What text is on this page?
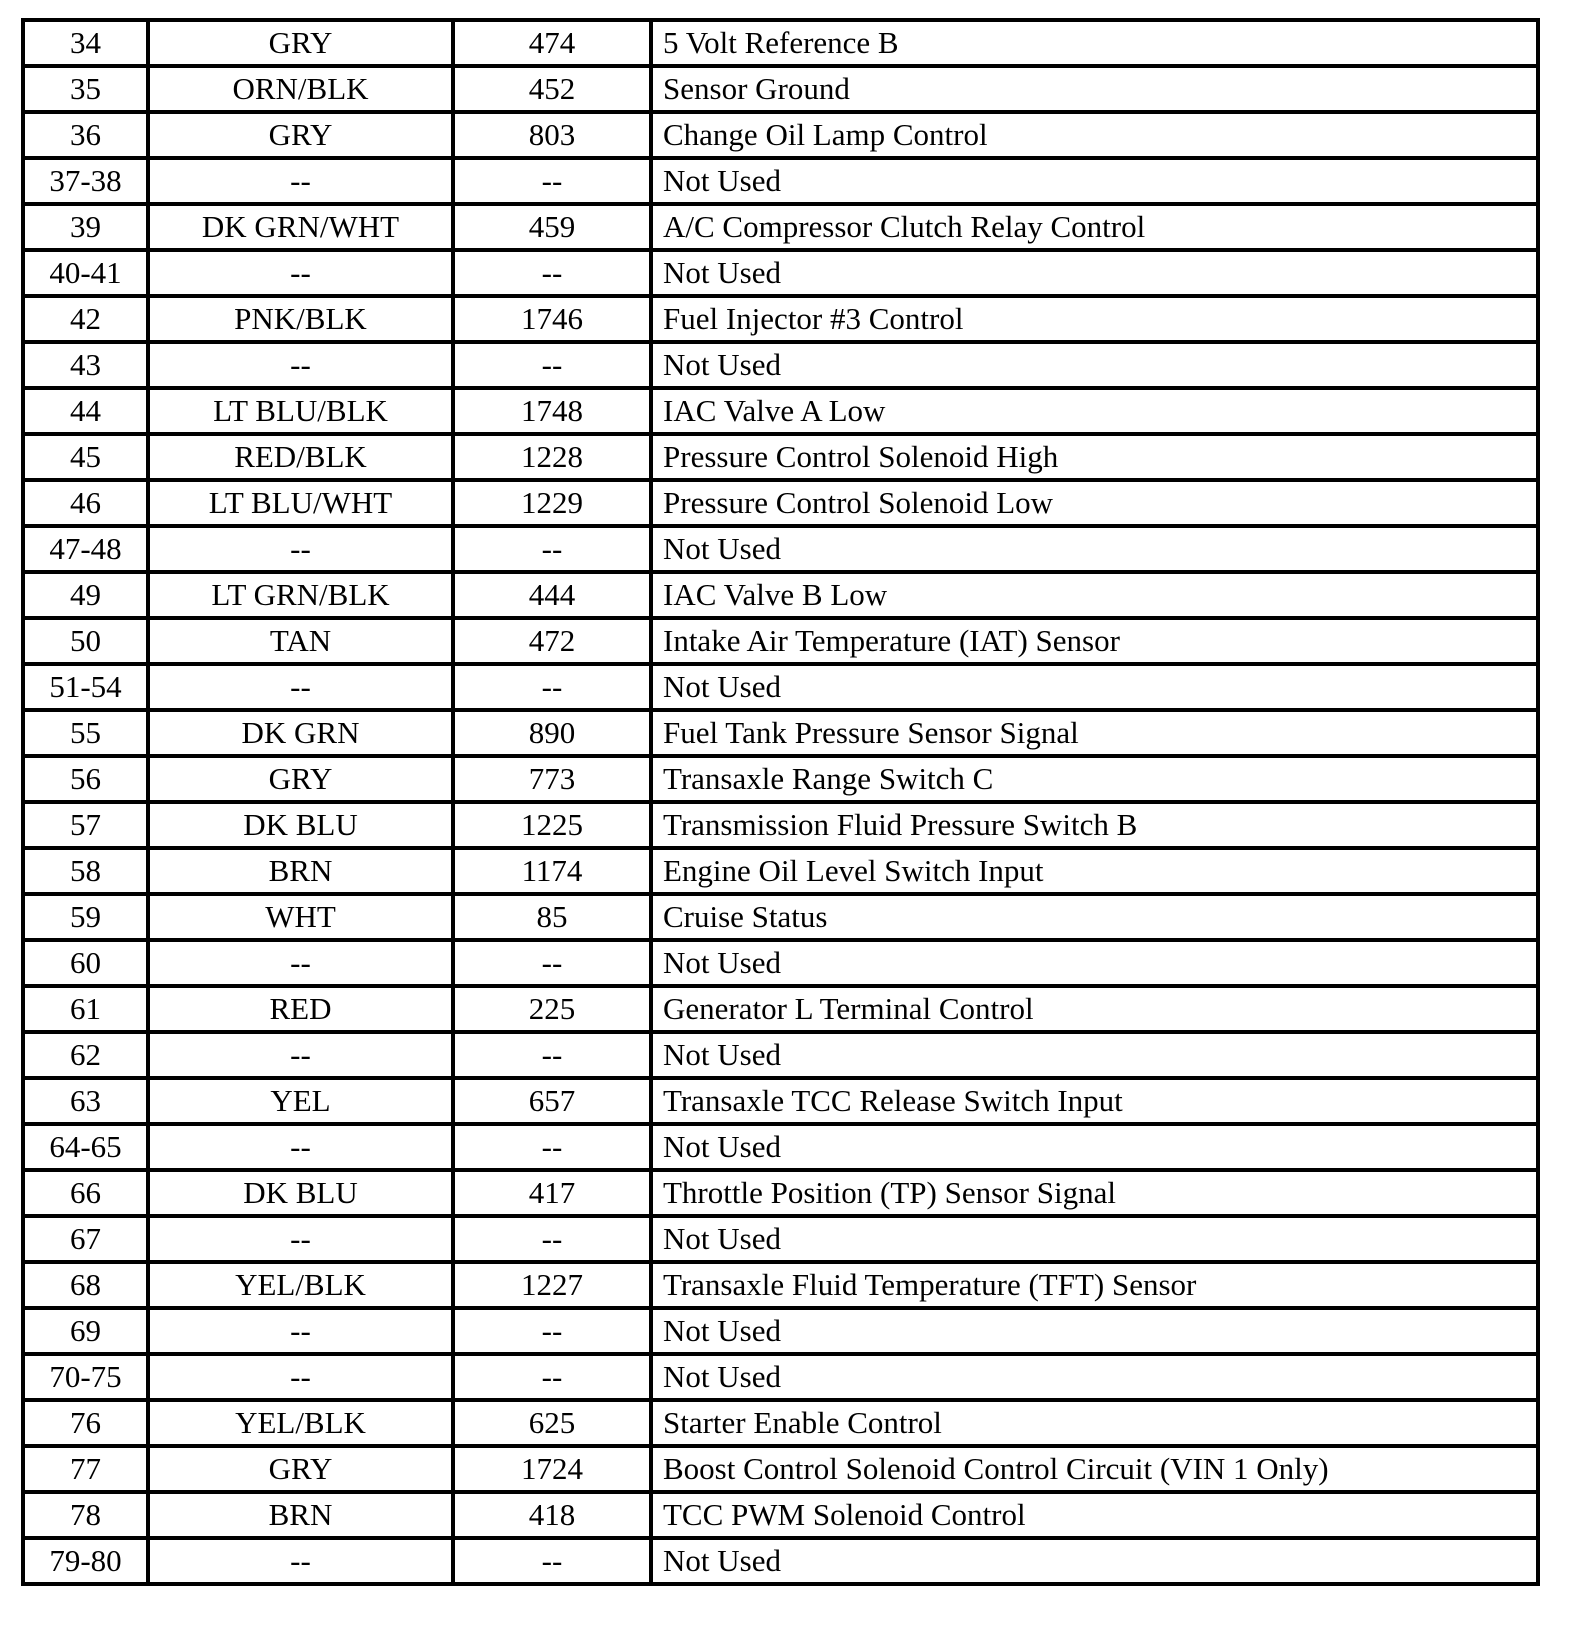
34	GRY	474	5 Volt Reference B
35	ORN/BLK	452	Sensor Ground
36	GRY	803	Change Oil Lamp Control
37-38	--	--	Not Used
39	DK GRN/WHT	459	A/C Compressor Clutch Relay Control
40-41	--	--	Not Used
42	PNK/BLK	1746	Fuel Injector #3 Control
43	--	--	Not Used
44	LT BLU/BLK	1748	IAC Valve A Low
45	RED/BLK	1228	Pressure Control Solenoid High
46	LT BLU/WHT	1229	Pressure Control Solenoid Low
47-48	--	--	Not Used
49	LT GRN/BLK	444	IAC Valve B Low
50	TAN	472	Intake Air Temperature (IAT) Sensor
51-54	--	--	Not Used
55	DK GRN	890	Fuel Tank Pressure Sensor Signal
56	GRY	773	Transaxle Range Switch C
57	DK BLU	1225	Transmission Fluid Pressure Switch B
58	BRN	1174	Engine Oil Level Switch Input
59	WHT	85	Cruise Status
60	--	--	Not Used
61	RED	225	Generator L Terminal Control
62	--	--	Not Used
63	YEL	657	Transaxle TCC Release Switch Input
64-65	--	--	Not Used
66	DK BLU	417	Throttle Position (TP) Sensor Signal
67	--	--	Not Used
68	YEL/BLK	1227	Transaxle Fluid Temperature (TFT) Sensor
69	--	--	Not Used
70-75	--	--	Not Used
76	YEL/BLK	625	Starter Enable Control
77	GRY	1724	Boost Control Solenoid Control Circuit (VIN 1 Only)
78	BRN	418	TCC PWM Solenoid Control
79-80	--	--	Not Used
